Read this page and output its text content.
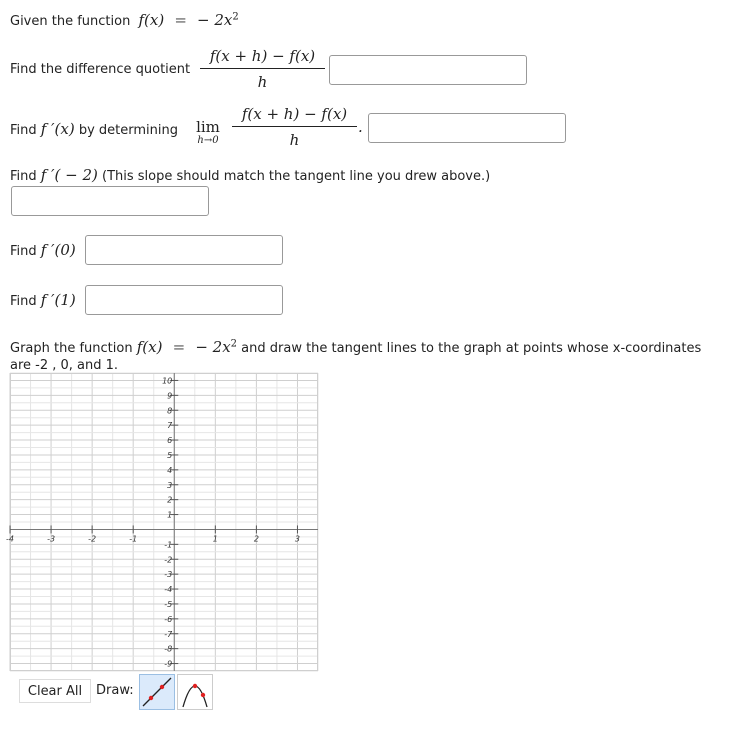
Given the function f(x) = − $2x^2$
Find the difference quotient $\frac{f(x + h) - f(x)}{h}$
Find f ′(x) by determining lim
$h\to 0 \frac{f(x + h) - f(x)}{h}$ .
Find f ′( − 2) (This slope should match the tangent line you drew above.)
Find f ′(0)
Find f ′(1)
Graph the function f(x) = − $2x^2$ and draw the tangent lines to the graph at points whose x-coordinates
are -2 , 0, and 1.
-4	-3	-2	-1	1	2	3
10
9
8
7
6
5
4
3
2
1
-1
-2
-3
-4
-5
-6
-7
-8
-9
Clear All	Draw:
